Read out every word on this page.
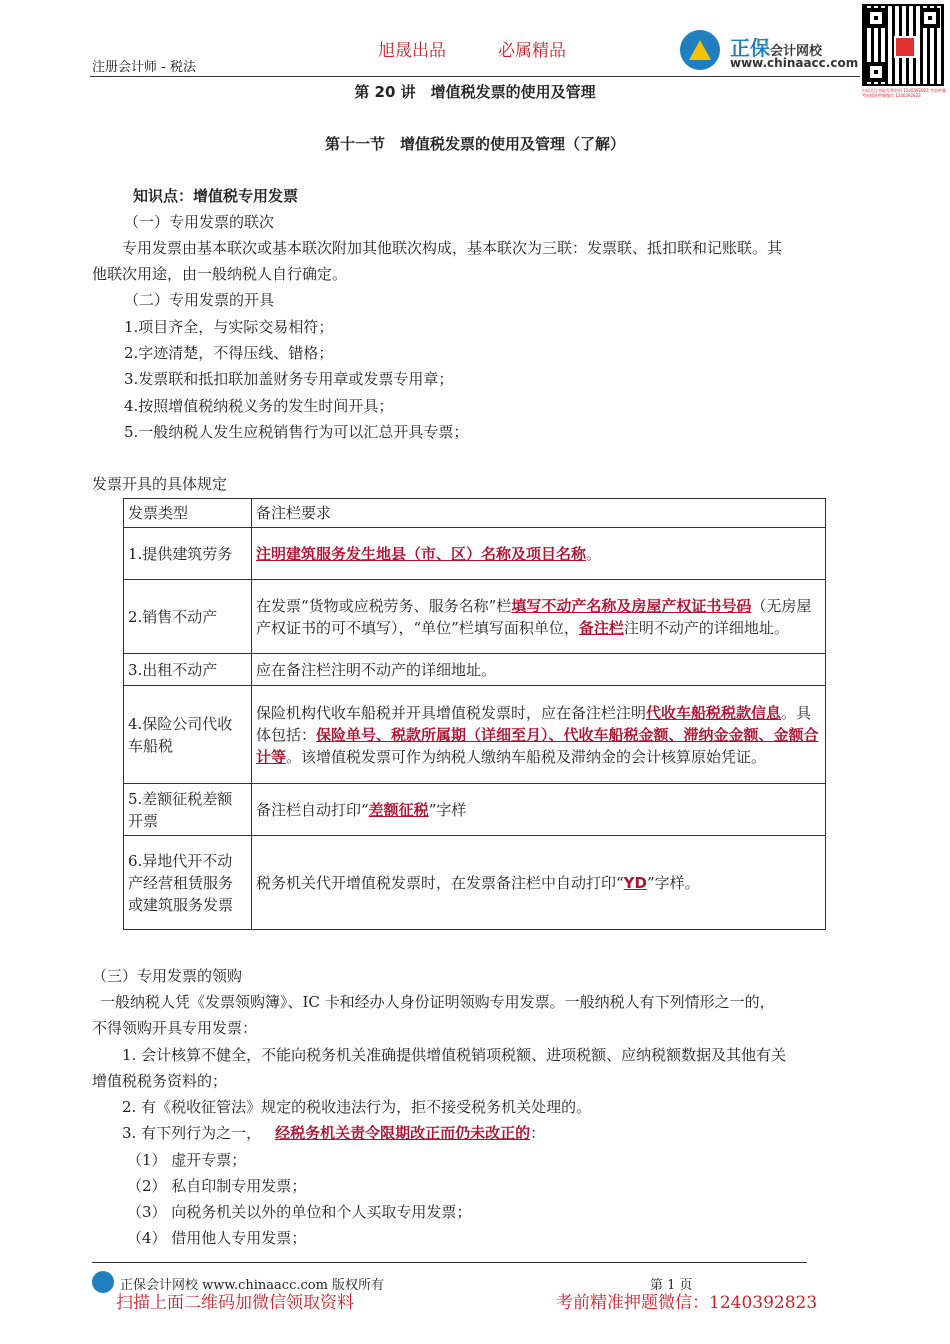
旭晟出品	必属精品
注册会计师 - 税法
正保会计网校
www.chinaacc.com
扫码关注领取免费资料 1240392823 考前押题 考前精准押题微信 1240392823
第 20 讲　增值税发票的使用及管理
第十一节　增值税发票的使用及管理（了解）
知识点：增值税专用发票
（一）专用发票的联次
专用发票由基本联次或基本联次附加其他联次构成，基本联次为三联：发票联、抵扣联和记账联。其
他联次用途，由一般纳税人自行确定。
（二）专用发票的开具
1.项目齐全，与实际交易相符；
2.字迹清楚，不得压线、错格；
3.发票联和抵扣联加盖财务专用章或发票专用章；
4.按照增值税纳税义务的发生时间开具；
5.一般纳税人发生应税销售行为可以汇总开具专票；
发票开具的具体规定
发票类型	备注栏要求
1.提供建筑劳务	注明建筑服务发生地县（市、区）名称及项目名称。
2.销售不动产	在发票“货物或应税劳务、服务名称”栏填写不动产名称及房屋产权证书号码（无房屋产权证书的可不填写），“单位”栏填写面积单位，备注栏注明不动产的详细地址。
3.出租不动产	应在备注栏注明不动产的详细地址。
4.保险公司代收车船税	保险机构代收车船税并开具增值税发票时，应在备注栏注明代收车船税税款信息。具体包括：保险单号、税款所属期（详细至月）、代收车船税金额、滞纳金金额、金额合计等。该增值税发票可作为纳税人缴纳车船税及滞纳金的会计核算原始凭证。
5.差额征税差额开票	备注栏自动打印“差额征税”字样
6.异地代开不动产经营租赁服务或建筑服务发票	税务机关代开增值税发票时，在发票备注栏中自动打印“YD”字样。
（三）专用发票的领购
一般纳税人凭《发票领购簿》、IC 卡和经办人身份证明领购专用发票。一般纳税人有下列情形之一的，
不得领购开具专用发票：
1. 会计核算不健全，不能向税务机关准确提供增值税销项税额、进项税额、应纳税额数据及其他有关
增值税税务资料的；
2. 有《税收征管法》规定的税收违法行为，拒不接受税务机关处理的。
3. 有下列行为之一， 经税务机关责令限期改正而仍未改正的：
（1） 虚开专票；
（2） 私自印制专用发票；
（3） 向税务机关以外的单位和个人买取专用发票；
（4） 借用他人专用发票；
正保会计网校 www.chinaacc.com 版权所有	第 1 页
扫描上面二维码加微信领取资料	考前精准押题微信：1240392823
